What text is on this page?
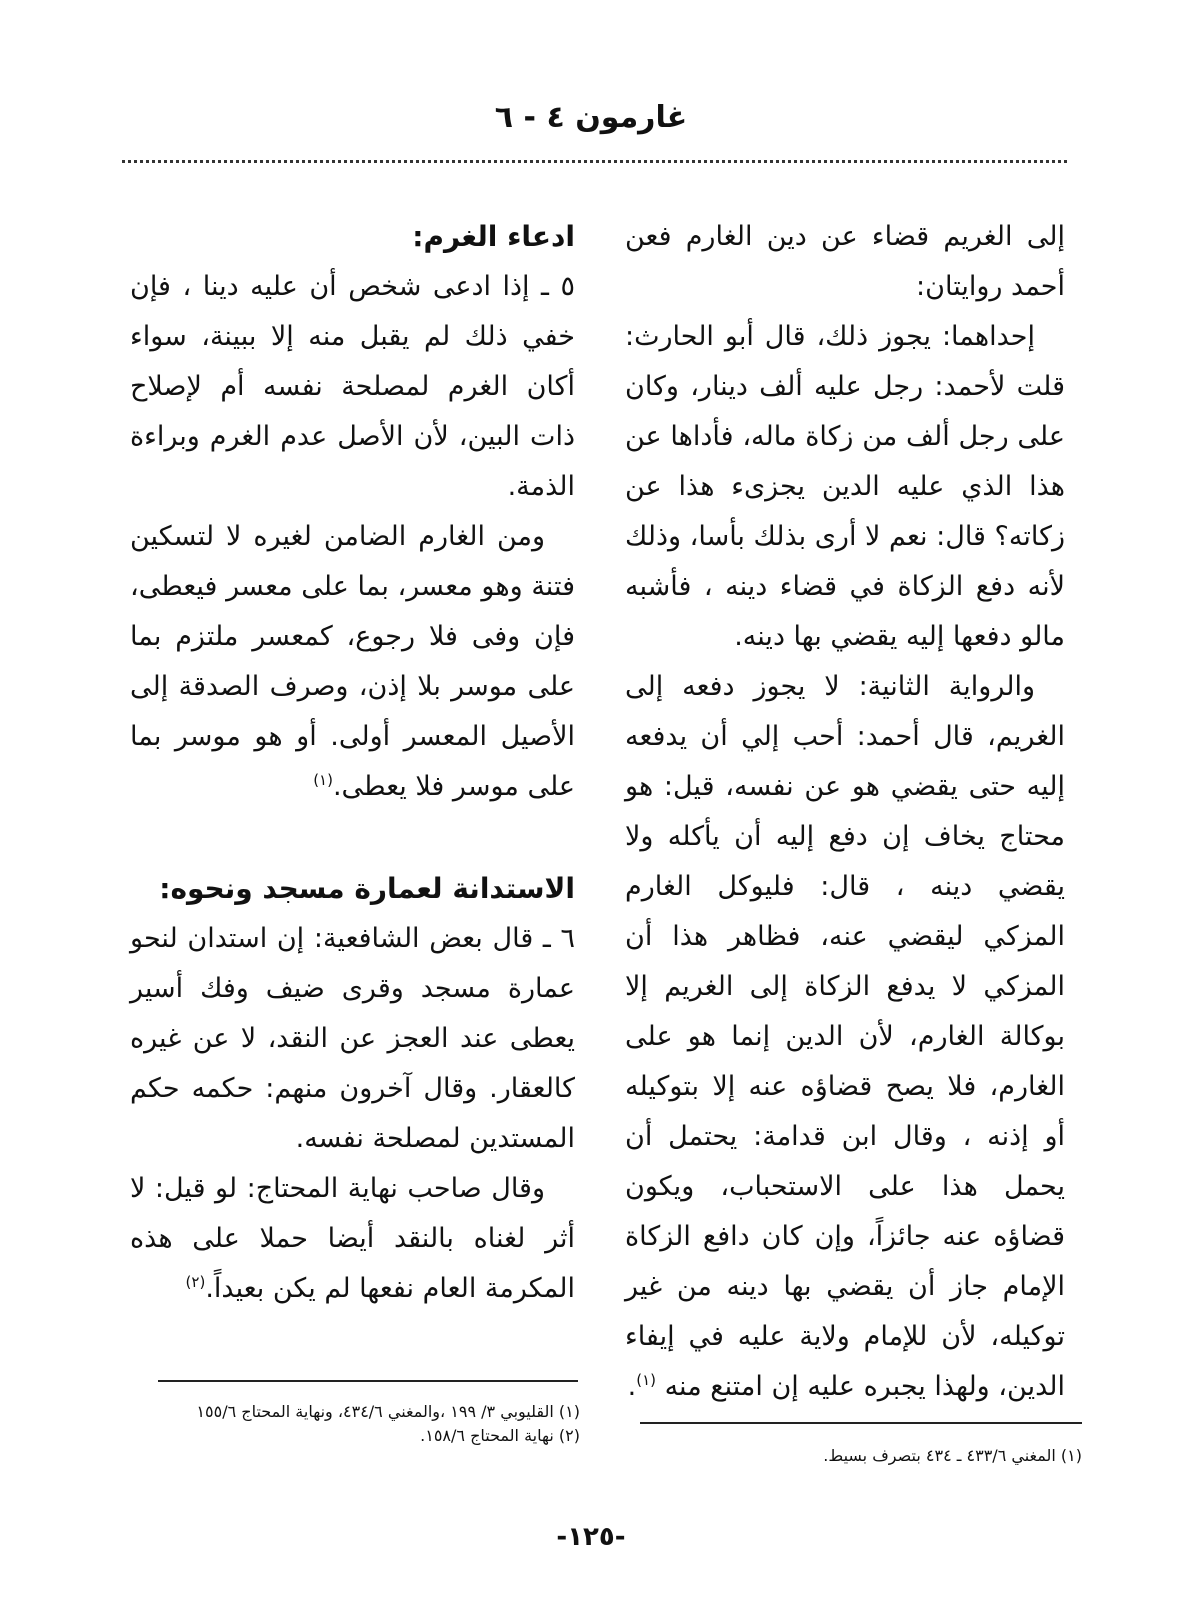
غارمون ٤ - ٦

إلى الغريم قضاء عن دين الغارم فعن أحمد روايتان:

إحداهما: يجوز ذلك، قال أبو الحارث: قلت لأحمد: رجل عليه ألف دينار، وكان على رجل ألف من زكاة ماله، فأداها عن هذا الذي عليه الدين يجزىء هذا عن زكاته؟ قال: نعم لا أرى بذلك بأسا، وذلك لأنه دفع الزكاة في قضاء دينه ، فأشبه مالو دفعها إليه يقضي بها دينه.

والرواية الثانية: لا يجوز دفعه إلى الغريم، قال أحمد: أحب إلي أن يدفعه إليه حتى يقضي هو عن نفسه، قيل: هو محتاج يخاف إن دفع إليه أن يأكله ولا يقضي دينه ، قال: فليوكل الغارم المزكي ليقضي عنه، فظاهر هذا أن المزكي لا يدفع الزكاة إلى الغريم إلا بوكالة الغارم، لأن الدين إنما هو على الغارم، فلا يصح قضاؤه عنه إلا بتوكيله أو إذنه ، وقال ابن قدامة: يحتمل أن يحمل هذا على الاستحباب، ويكون قضاؤه عنه جائزاً، وإن كان دافع الزكاة الإمام جاز أن يقضي بها دينه من غير توكيله، لأن للإمام ولاية عليه في إيفاء الدين، ولهذا يجبره عليه إن امتنع منه $^{(١)}$.

ادعاء الغرم:

٥ ـ إذا ادعى شخص أن عليه دينا ، فإن خفي ذلك لم يقبل منه إلا ببينة، سواء أكان الغرم لمصلحة نفسه أم لإصلاح ذات البين، لأن الأصل عدم الغرم وبراءة الذمة.

ومن الغارم الضامن لغيره لا لتسكين فتنة وهو معسر، بما على معسر فيعطى، فإن وفى فلا رجوع، كمعسر ملتزم بما على موسر بلا إذن، وصرف الصدقة إلى الأصيل المعسر أولى. أو هو موسر بما على موسر فلا يعطى.$^{(١)}$

الاستدانة لعمارة مسجد ونحوه:

٦ ـ قال بعض الشافعية: إن استدان لنحو عمارة مسجد وقرى ضيف وفك أسير يعطى عند العجز عن النقد، لا عن غيره كالعقار. وقال آخرون منهم: حكمه حكم المستدين لمصلحة نفسه.

وقال صاحب نهاية المحتاج: لو قيل: لا أثر لغناه بالنقد أيضا حملا على هذه المكرمة العام نفعها لم يكن بعيداً.$^{(٢)}$

(١) المغني ٤٣٣/٦ ـ ٤٣٤ بتصرف بسيط.
(١) القليوبي ٣/ ١٩٩ ،والمغني ٤٣٤/٦، ونهاية المحتاج ١٥٥/٦
(٢) نهاية المحتاج ١٥٨/٦.
-١٢٥-
